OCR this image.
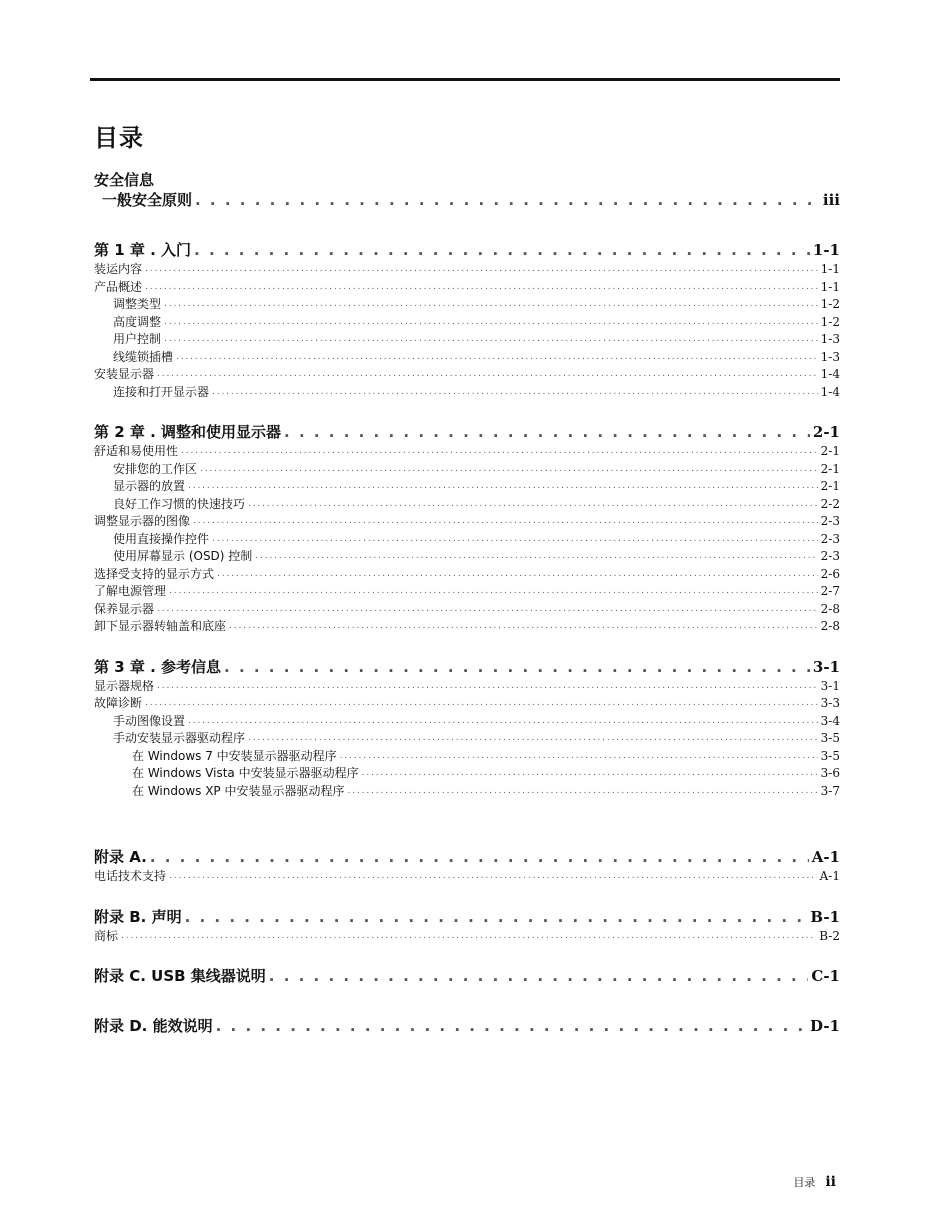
目录
安全信息
一般安全原则 . . .	iii
第 1 章 . 入门 . . .	1-1
装运内容 . . .	1-1
产品概述 . . .	1-1
调整类型 . . .	1-2
高度调整 . . .	1-2
用户控制 . . .	1-3
线缆锁插槽 . . .	1-3
安装显示器 . . .	1-4
连接和打开显示器 . . .	1-4
第 2 章 . 调整和使用显示器 . . .	2-1
舒适和易使用性 . . .	2-1
安排您的工作区 . . .	2-1
显示器的放置 . . .	2-1
良好工作习惯的快速技巧 . . .	2-2
调整显示器的图像 . . .	2-3
使用直接操作控件 . . .	2-3
使用屏幕显示 (OSD) 控制 . . .	2-3
选择受支持的显示方式 . . .	2-6
了解电源管理 . . .	2-7
保养显示器 . . .	2-8
卸下显示器转轴盖和底座 . . .	2-8
第 3 章 . 参考信息 . . .	3-1
显示器规格 . . .	3-1
故障诊断 . . .	3-3
手动图像设置 . . .	3-4
手动安装显示器驱动程序 . . .	3-5
在 Windows 7 中安装显示器驱动程序 . . .	3-5
在 Windows Vista 中安装显示器驱动程序 . . .	3-6
在 Windows XP 中安装显示器驱动程序 . . .	3-7
附录 A. . . .	A-1
电话技术支持 . . .	A-1
附录 B. 声明 . . .	B-1
商标 . . .	B-2
附录 C. USB 集线器说明 . . .	C-1
附录 D. 能效说明 . . .	D-1
目录 ii
